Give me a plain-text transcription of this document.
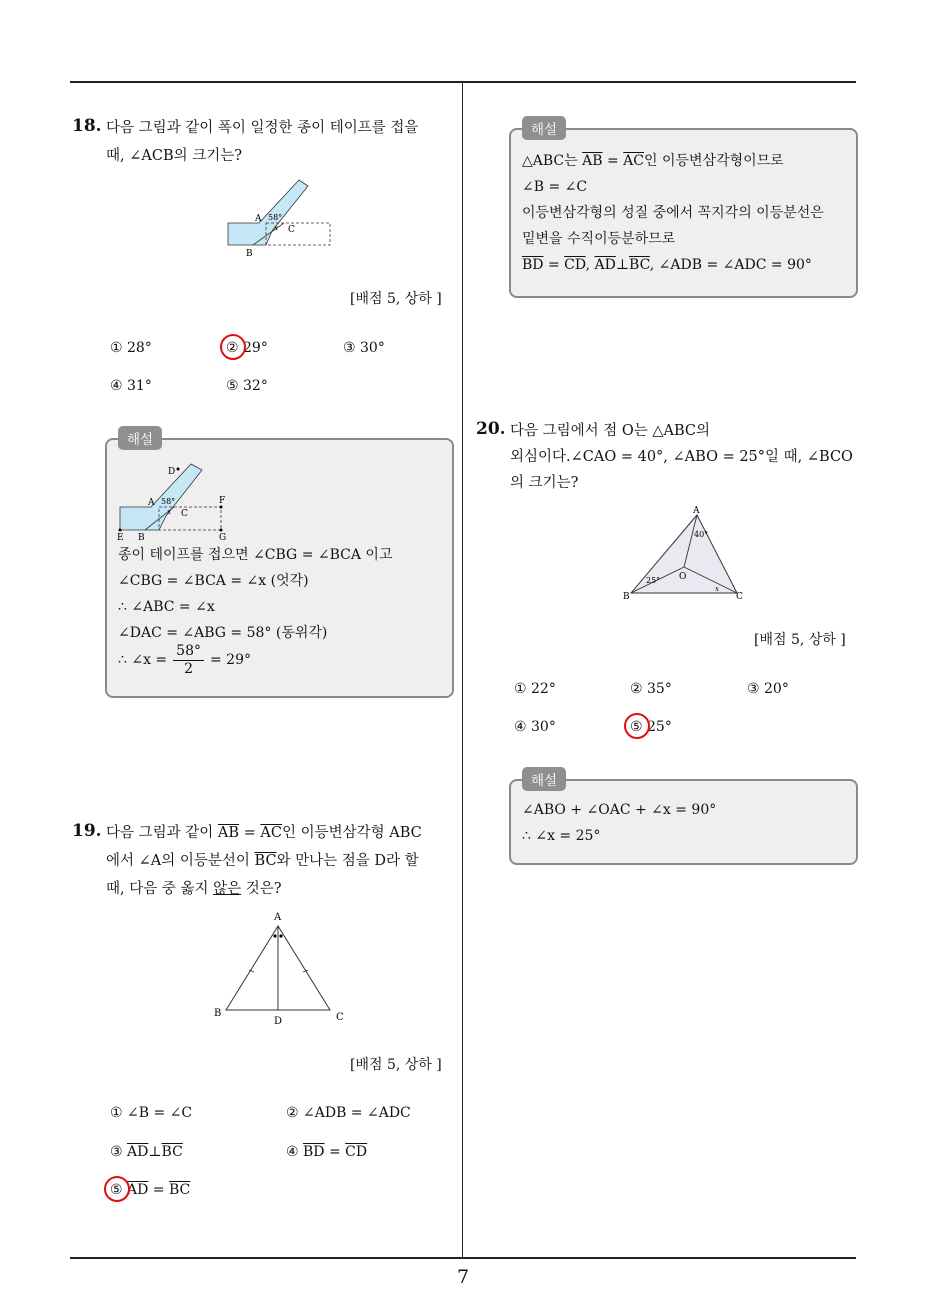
18. 다음 그림과 같이 폭이 일정한 종이 테이프를 접을
때, ∠ACB의 크기는?
A 58°
x C
B
[배점 5, 상하 ]
① 28°	② 29°	③ 30°
④ 31°	⑤ 32°
해설
D
A 58°
x C
F
E B	G
종이 테이프를 접으면 ∠CBG = ∠BCA 이고
∠CBG = ∠BCA = ∠x (엇각)
∴ ∠ABC = ∠x
∠DAC = ∠ABG = 58° (동위각)
∴ ∠x = $\frac{58^\circ}{2} = 29^\circ$
19. 다음 그림과 같이 $\overline{AB} = \overline{AC}$인 이등변삼각형 ABC
에서 ∠A의 이등분선이 $\overline{BC}$와 만나는 점을 D라 할
때, 다음 중 옳지 않은 것은?
A
B	C
D
[배점 5, 상하 ]
① ∠B = ∠C	② ∠ADB = ∠ADC
③ $\overline{AD}\perp\overline{BC}$	④ $\overline{BD} = \overline{CD}$
⑤ $\overline{AD} = \overline{BC}$
해설
△ABC는 $\overline{AB} = \overline{AC}$인 이등변삼각형이므로
∠B = ∠C
이등변삼각형의 성질 중에서 꼭지각의 이등분선은
밑변을 수직이등분하므로
$\overline{BD} = \overline{CD}$, $\overline{AD}\perp\overline{BC}$, ∠ADB = ∠ADC = 90°
20. 다음 그림에서 점 O는 △ABC의
외심이다.∠CAO = 40°, ∠ABO = 25°일 때, ∠BCO
의 크기는?
A
40°
O
25°
x
B	C
[배점 5, 상하 ]
① 22°	② 35°	③ 20°
④ 30°	⑤ 25°
해설
∠ABO + ∠OAC + ∠x = 90°
∴ ∠x = 25°
7
